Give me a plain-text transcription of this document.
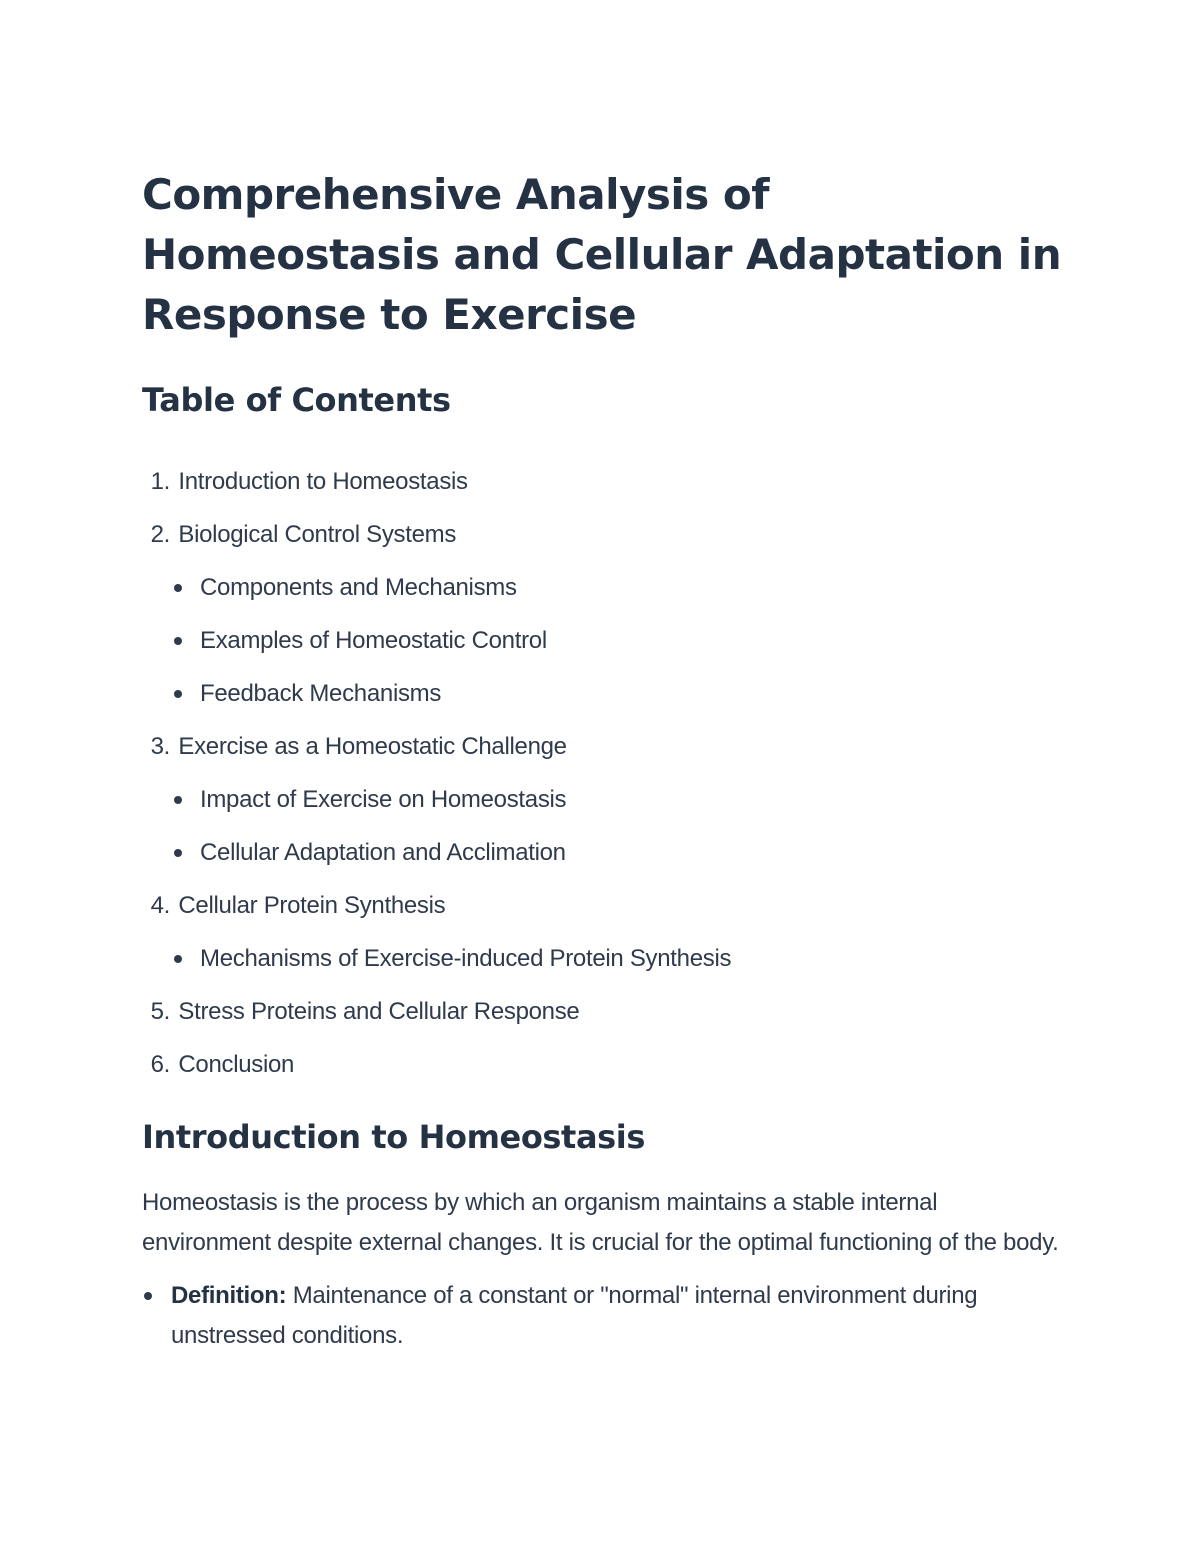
Comprehensive Analysis of Homeostasis and Cellular Adaptation in Response to Exercise
Table of Contents
1. Introduction to Homeostasis
2. Biological Control Systems
Components and Mechanisms
Examples of Homeostatic Control
Feedback Mechanisms
3. Exercise as a Homeostatic Challenge
Impact of Exercise on Homeostasis
Cellular Adaptation and Acclimation
4. Cellular Protein Synthesis
Mechanisms of Exercise-induced Protein Synthesis
5. Stress Proteins and Cellular Response
6. Conclusion
Introduction to Homeostasis

Homeostasis is the process by which an organism maintains a stable internal environment despite external changes. It is crucial for the optimal functioning of the body.

Definition: Maintenance of a constant or "normal" internal environment during unstressed conditions.
